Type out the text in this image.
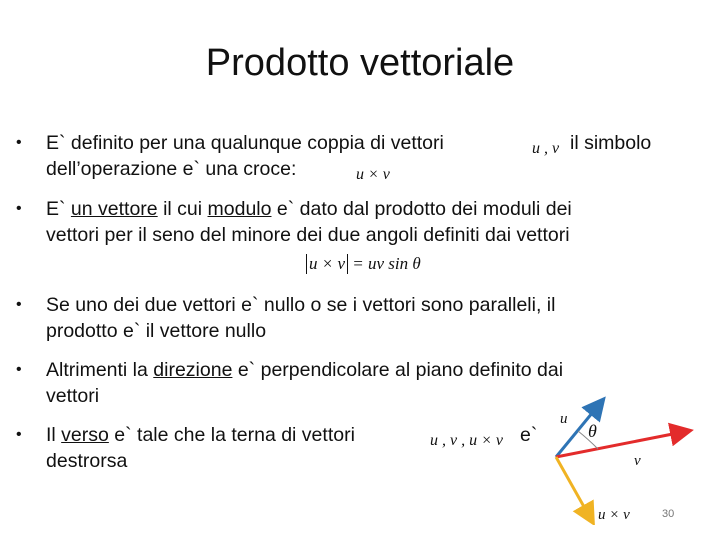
Prodotto vettoriale
• E` definito per una qualunque coppia di vettori	u , v il simbolo
dell’operazione e` una croce:	u × v
• E` un vettore il cui modulo e` dato dal prodotto dei moduli dei
vettori per il seno del minore dei due angoli definiti dai vettori
• Se uno dei due vettori e` nullo o se i vettori sono paralleli, il
prodotto e` il vettore nullo
• Altrimenti la direzione e` perpendicolare al piano definito dai
vettori
• Il verso e` tale che la terna di vettori	u , v , u × v e`
destrorsa
u × v = uv sin θ
u
θ
v
u × v	30
